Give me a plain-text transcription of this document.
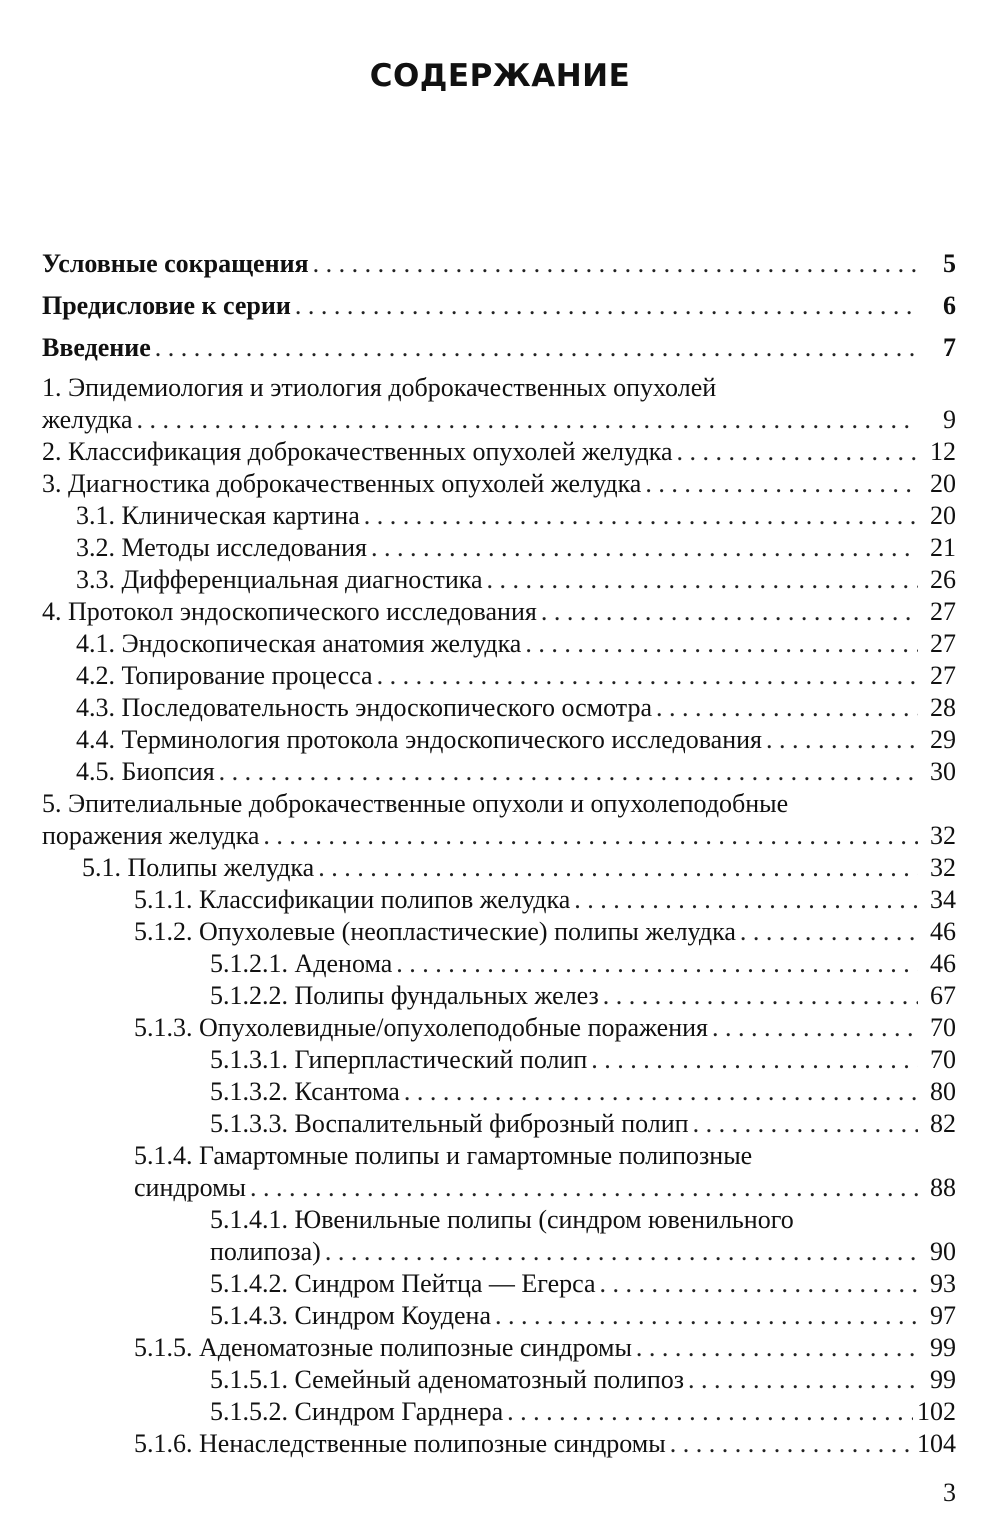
СОДЕРЖАНИЕ
Условные сокращения . . .	5
Предисловие к серии . . .	6
Введение . . .	7
1. Эпидемиология и этиология доброкачественных опухолей
желудка . . .	9
2. Классификация доброкачественных опухолей желудка . . .	12
3. Диагностика доброкачественных опухолей желудка . . .	20
3.1. Клиническая картина . . .	20
3.2. Методы исследования . . .	21
3.3. Дифференциальная диагностика . . .	26
4. Протокол эндоскопического исследования . . .	27
4.1. Эндоскопическая анатомия желудка . . .	27
4.2. Топирование процесса . . .	27
4.3. Последовательность эндоскопического осмотра . . .	28
4.4. Терминология протокола эндоскопического исследования . . .	29
4.5. Биопсия . . .	30
5. Эпителиальные доброкачественные опухоли и опухолеподобные
поражения желудка . . .	32
5.1. Полипы желудка . . .	32
5.1.1. Классификации полипов желудка . . .	34
5.1.2. Опухолевые (неопластические) полипы желудка . . .	46
5.1.2.1. Аденома . . .	46
5.1.2.2. Полипы фундальных желез . . .	67
5.1.3. Опухолевидные/опухолеподобные поражения . . .	70
5.1.3.1. Гиперпластический полип . . .	70
5.1.3.2. Ксантома . . .	80
5.1.3.3. Воспалительный фиброзный полип . . .	82
5.1.4. Гамартомные полипы и гамартомные полипозные
синдромы . . .	88
5.1.4.1. Ювенильные полипы (синдром ювенильного
полипоза) . . .	90
5.1.4.2. Синдром Пейтца — Егерса . . .	93
5.1.4.3. Синдром Коудена . . .	97
5.1.5. Аденоматозные полипозные синдромы . . .	99
5.1.5.1. Семейный аденоматозный полипоз . . .	99
5.1.5.2. Синдром Гарднера . . .	102
5.1.6. Ненаследственные полипозные синдромы . . .	104
3
